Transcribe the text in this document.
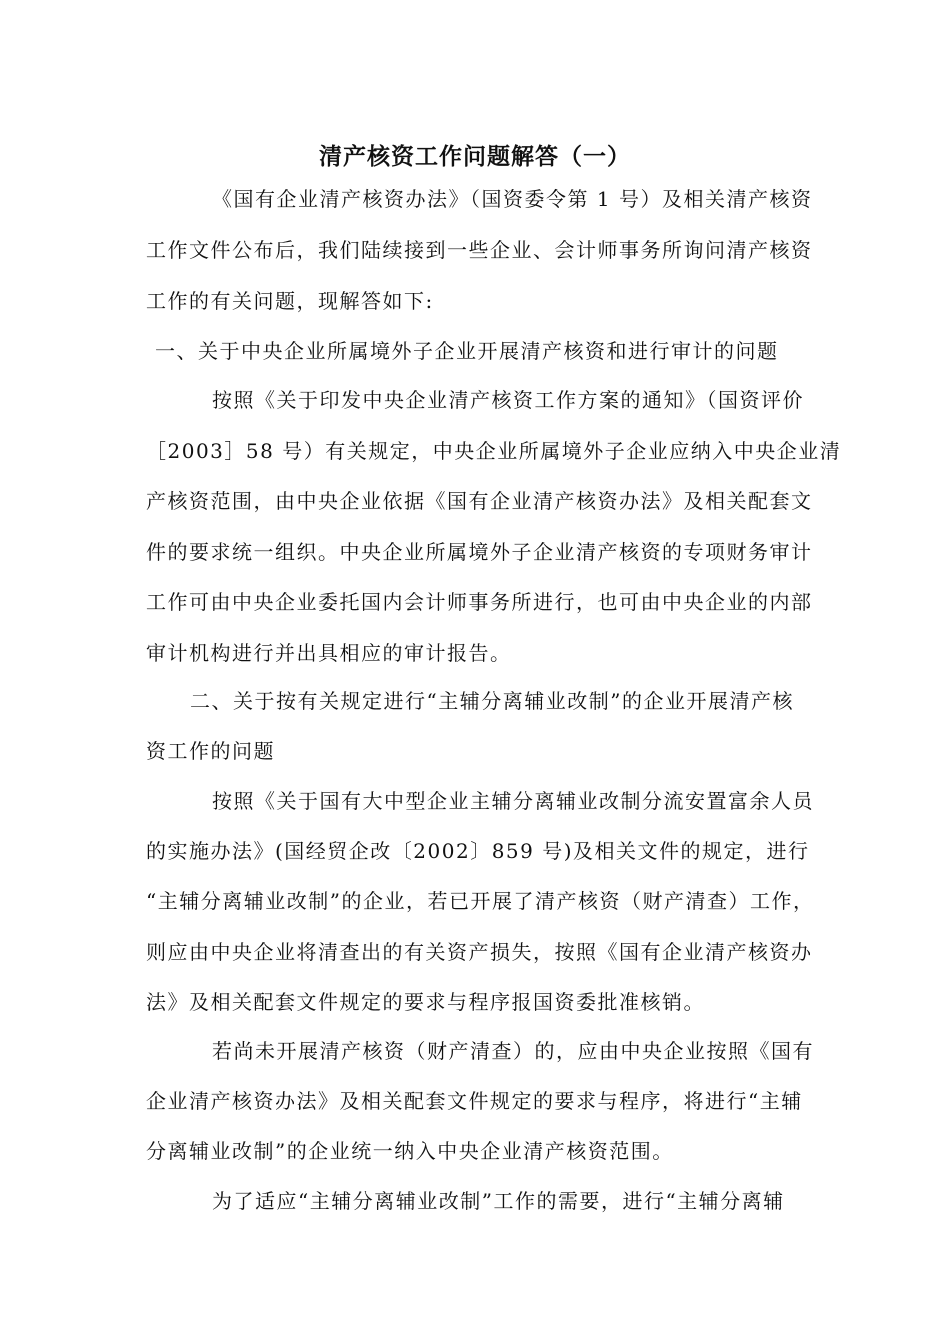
清产核资工作问题解答（一）
《国有企业清产核资办法》（国资委令第 1 号）及相关清产核资
工作文件公布后，我们陆续接到一些企业、会计师事务所询问清产核资
工作的有关问题，现解答如下:
一、关于中央企业所属境外子企业开展清产核资和进行审计的问题
按照《关于印发中央企业清产核资工作方案的通知》（国资评价
［2003］58 号）有关规定，中央企业所属境外子企业应纳入中央企业清
产核资范围，由中央企业依据《国有企业清产核资办法》及相关配套文
件的要求统一组织。中央企业所属境外子企业清产核资的专项财务审计
工作可由中央企业委托国内会计师事务所进行，也可由中央企业的内部
审计机构进行并出具相应的审计报告。
二、关于按有关规定进行“主辅分离辅业改制”的企业开展清产核
资工作的问题
按照《关于国有大中型企业主辅分离辅业改制分流安置富余人员
的实施办法》(国经贸企改〔2002〕859 号)及相关文件的规定，进行
“主辅分离辅业改制”的企业，若已开展了清产核资（财产清查）工作，
则应由中央企业将清查出的有关资产损失，按照《国有企业清产核资办
法》及相关配套文件规定的要求与程序报国资委批准核销。
若尚未开展清产核资（财产清查）的，应由中央企业按照《国有
企业清产核资办法》及相关配套文件规定的要求与程序，将进行“主辅
分离辅业改制”的企业统一纳入中央企业清产核资范围。
为了适应“主辅分离辅业改制”工作的需要，进行“主辅分离辅
